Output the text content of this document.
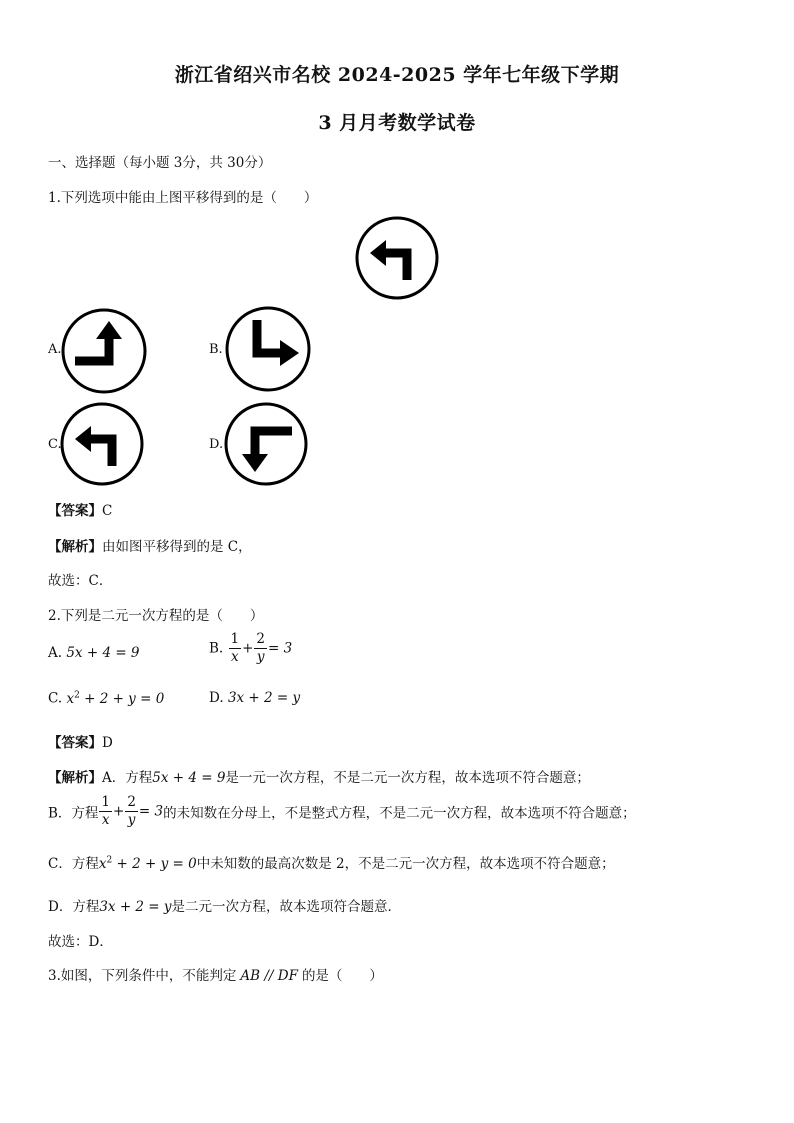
浙江省绍兴市名校 2024-2025 学年七年级下学期
3 月月考数学试卷
一、选择题（每小题 3分，共 30分）
1.下列选项中能由上图平移得到的是（　　）
A.	B.
C.	D.
【答案】C
【解析】由如图平移得到的是 C，
故选：C．
2.下列是二元一次方程的是（　　）
A. 5x + 4 = 9	B. $\frac{1}{x} + \frac{2}{y} = 3$
C. $x^2 + 2 + y = 0$	D. 3x + 2 = y
【答案】D
【解析】A．方程5x + 4 = 9是一元一次方程，不是二元一次方程，故本选项不符合题意；
B．方程 $\frac{1}{x} + \frac{2}{y} = 3$的未知数在分母上，不是整式方程，不是二元一次方程，故本选项不符合题意；
C．方程$x^2 + 2 + y = 0$中未知数的最高次数是 2，不是二元一次方程，故本选项不符合题意；
D．方程3x + 2 = y是二元一次方程，故本选项符合题意．
故选：D．
3.如图，下列条件中，不能判定 AB // DF 的是（　　）
